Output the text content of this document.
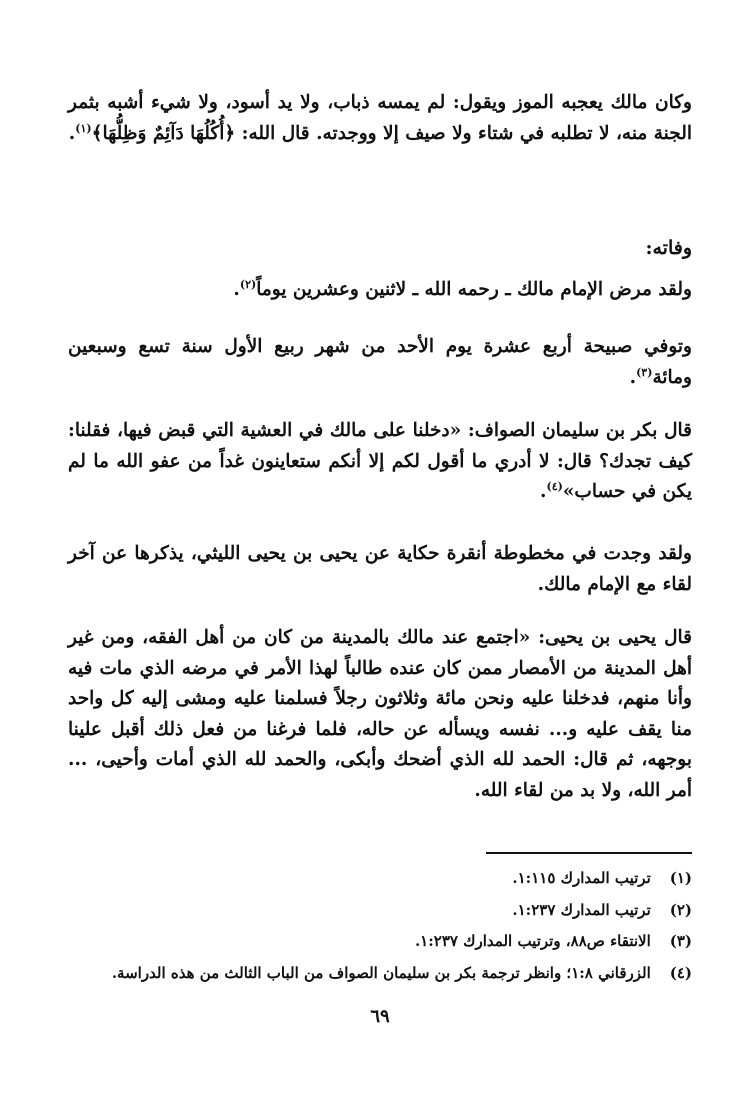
وكان مالك يعجبه الموز ويقول: لم يمسه ذباب، ولا يد أسود، ولا شيء أشبه بثمر الجنة منه، لا تطلبه في شتاء ولا صيف إلا ووجدته. قال الله: ﴿أُكُلُهَا دَآئِمٌ وَظِلُّهَا﴾$^{(١)}$.

وفاته:

ولقد مرض الإمام مالك ـ رحمه الله ـ لاثنين وعشرين يوماً$^{(٢)}$.

وتوفي صبيحة أربع عشرة يوم الأحد من شهر ربيع الأول سنة تسع وسبعين ومائة$^{(٣)}$.

قال بكر بن سليمان الصواف: «دخلنا على مالك في العشية التي قبض فيها، فقلنا: كيف تجدك؟ قال: لا أدري ما أقول لكم إلا أنكم ستعاينون غداً من عفو الله ما لم يكن في حساب»$^{(٤)}$.

ولقد وجدت في مخطوطة أنقرة حكاية عن يحيى بن يحيى الليثي، يذكرها عن آخر لقاء مع الإمام مالك.

قال يحيى بن يحيى: «اجتمع عند مالك بالمدينة من كان من أهل الفقه، ومن غير أهل المدينة من الأمصار ممن كان عنده طالباً لهذا الأمر في مرضه الذي مات فيه وأنا منهم، فدخلنا عليه ونحن مائة وثلاثون رجلاً فسلمنا عليه ومشى إليه كل واحد منا يقف عليه و... نفسه ويسأله عن حاله، فلما فرغنا من فعل ذلك أقبل علينا بوجهه، ثم قال: الحمد لله الذي أضحك وأبكى، والحمد لله الذي أمات وأحيى، ... أمر الله، ولا بد من لقاء الله.

(١) ترتيب المدارك ١:١١٥.

(٢) ترتيب المدارك ١:٢٣٧.

(٣) الانتقاء ص٨٨، وترتيب المدارك ١:٢٣٧.

(٤) الزرقاني ١:٨؛ وانظر ترجمة بكر بن سليمان الصواف من الباب الثالث من هذه الدراسة.

٦٩
